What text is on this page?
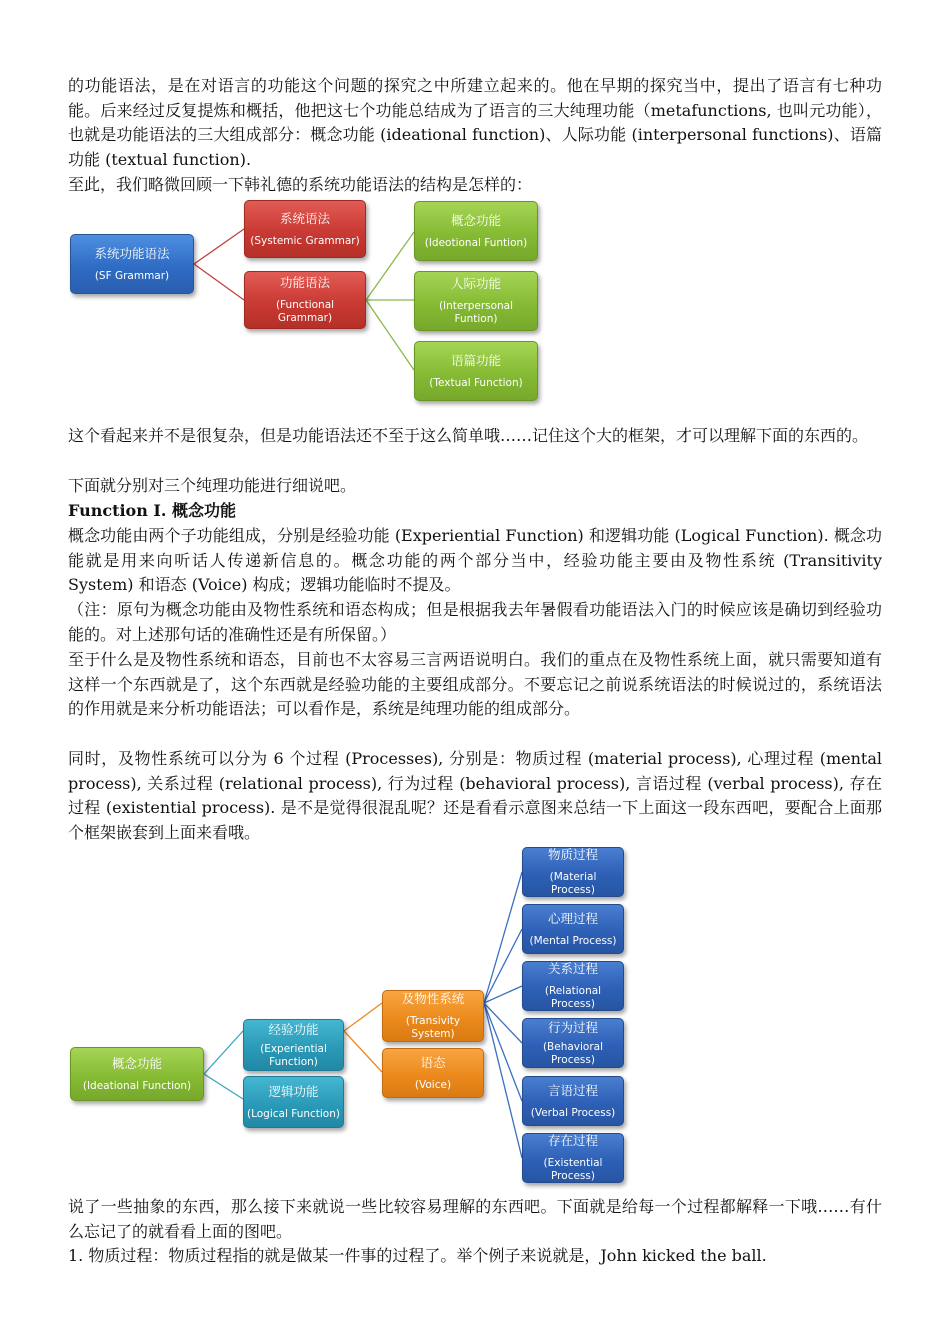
的功能语法，是在对语言的功能这个问题的探究之中所建立起来的。他在早期的探究当中，提出了语言有七种功能。后来经过反复提炼和概括，他把这七个功能总结成为了语言的三大纯理功能（metafunctions, 也叫元功能），也就是功能语法的三大组成部分：概念功能 (ideational function)、人际功能 (interpersonal functions)、语篇功能 (textual function).

至此，我们略微回顾一下韩礼德的系统功能语法的结构是怎样的：

系统功能语法
(SF Grammar)
系统语法
(Systemic Grammar)
功能语法
(Functional Grammar)
概念功能
(Ideotional Funtion)
人际功能
(Interpersonal Funtion)
语篇功能
(Textual Function)

这个看起来并不是很复杂，但是功能语法还不至于这么简单哦……记住这个大的框架，才可以理解下面的东西的。

下面就分别对三个纯理功能进行细说吧。

Function I. 概念功能

概念功能由两个子功能组成，分别是经验功能 (Experiential Function) 和逻辑功能 (Logical Function). 概念功能就是用来向听话人传递新信息的。概念功能的两个部分当中，经验功能主要由及物性系统 (Transitivity System) 和语态 (Voice) 构成；逻辑功能临时不提及。

（注：原句为概念功能由及物性系统和语态构成；但是根据我去年暑假看功能语法入门的时候应该是确切到经验功能的。对上述那句话的准确性还是有所保留。）

至于什么是及物性系统和语态，目前也不太容易三言两语说明白。我们的重点在及物性系统上面，就只需要知道有这样一个东西就是了，这个东西就是经验功能的主要组成部分。不要忘记之前说系统语法的时候说过的，系统语法的作用就是来分析功能语法；可以看作是，系统是纯理功能的组成部分。

同时，及物性系统可以分为 6 个过程 (Processes), 分别是：物质过程 (material process), 心理过程 (mental process), 关系过程 (relational process), 行为过程 (behavioral process), 言语过程 (verbal process), 存在过程 (existential process). 是不是觉得很混乱呢？还是看看示意图来总结一下上面这一段东西吧，要配合上面那个框架嵌套到上面来看哦。

概念功能
(Ideational Function)
经验功能
(Experiential Function)
逻辑功能
(Logical Function)
及物性系统
(Transivity System)
语态
(Voice)
物质过程
(Material Process)
心理过程
(Mental Process)
关系过程
(Relational Process)
行为过程
(Behavioral Process)
言语过程
(Verbal Process)
存在过程
(Existential Process)

说了一些抽象的东西，那么接下来就说一些比较容易理解的东西吧。下面就是给每一个过程都解释一下哦……有什么忘记了的就看看上面的图吧。

1. 物质过程：物质过程指的就是做某一件事的过程了。举个例子来说就是，John kicked the ball.
